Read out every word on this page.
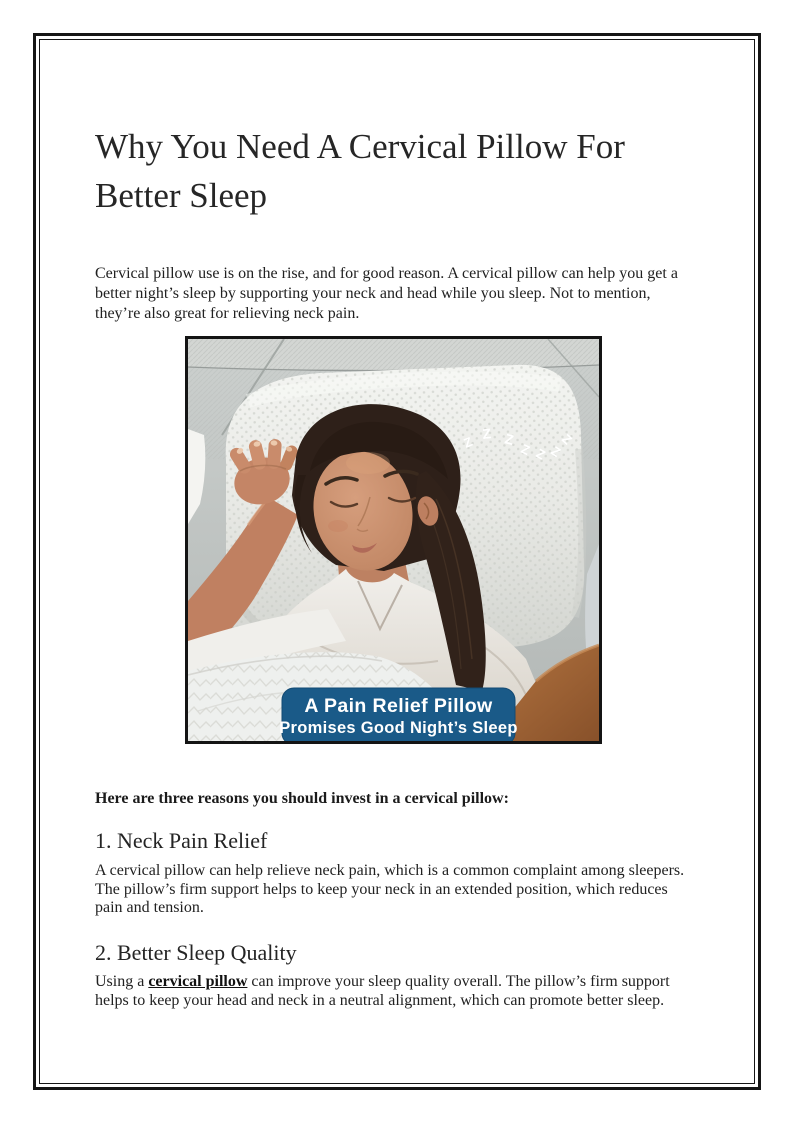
Why You Need A Cervical Pillow For Better Sleep

Cervical pillow use is on the rise, and for good reason. A cervical pillow can help you get a better night’s sleep by supporting your neck and head while you sleep. Not to mention, they’re also great for relieving neck pain.

Z
Z Z
Z Z Z
Z
A Pain Relief Pillow
Promises Good Night’s Sleep

Here are three reasons you should invest in a cervical pillow:

1. Neck Pain Relief

A cervical pillow can help relieve neck pain, which is a common complaint among sleepers. The pillow’s firm support helps to keep your neck in an extended position, which reduces pain and tension.

2. Better Sleep Quality

Using a cervical pillow can improve your sleep quality overall. The pillow’s firm support helps to keep your head and neck in a neutral alignment, which can promote better sleep.
